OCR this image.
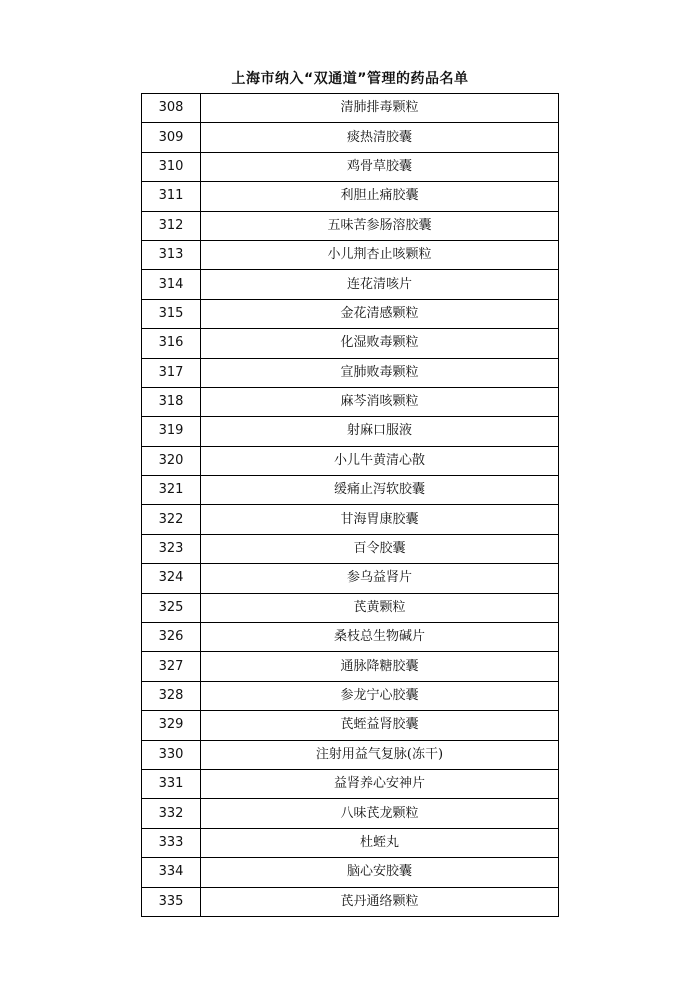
上海市纳入“双通道”管理的药品名单
308	清肺排毒颗粒
309	痰热清胶囊
310	鸡骨草胶囊
311	利胆止痛胶囊
312	五味苦参肠溶胶囊
313	小儿荆杏止咳颗粒
314	连花清咳片
315	金花清感颗粒
316	化湿败毒颗粒
317	宣肺败毒颗粒
318	麻芩消咳颗粒
319	射麻口服液
320	小儿牛黄清心散
321	缓痛止泻软胶囊
322	甘海胃康胶囊
323	百令胶囊
324	参乌益肾片
325	芪黄颗粒
326	桑枝总生物碱片
327	通脉降糖胶囊
328	参龙宁心胶囊
329	芪蛭益肾胶囊
330	注射用益气复脉(冻干)
331	益肾养心安神片
332	八味芪龙颗粒
333	杜蛭丸
334	脑心安胶囊
335	芪丹通络颗粒
